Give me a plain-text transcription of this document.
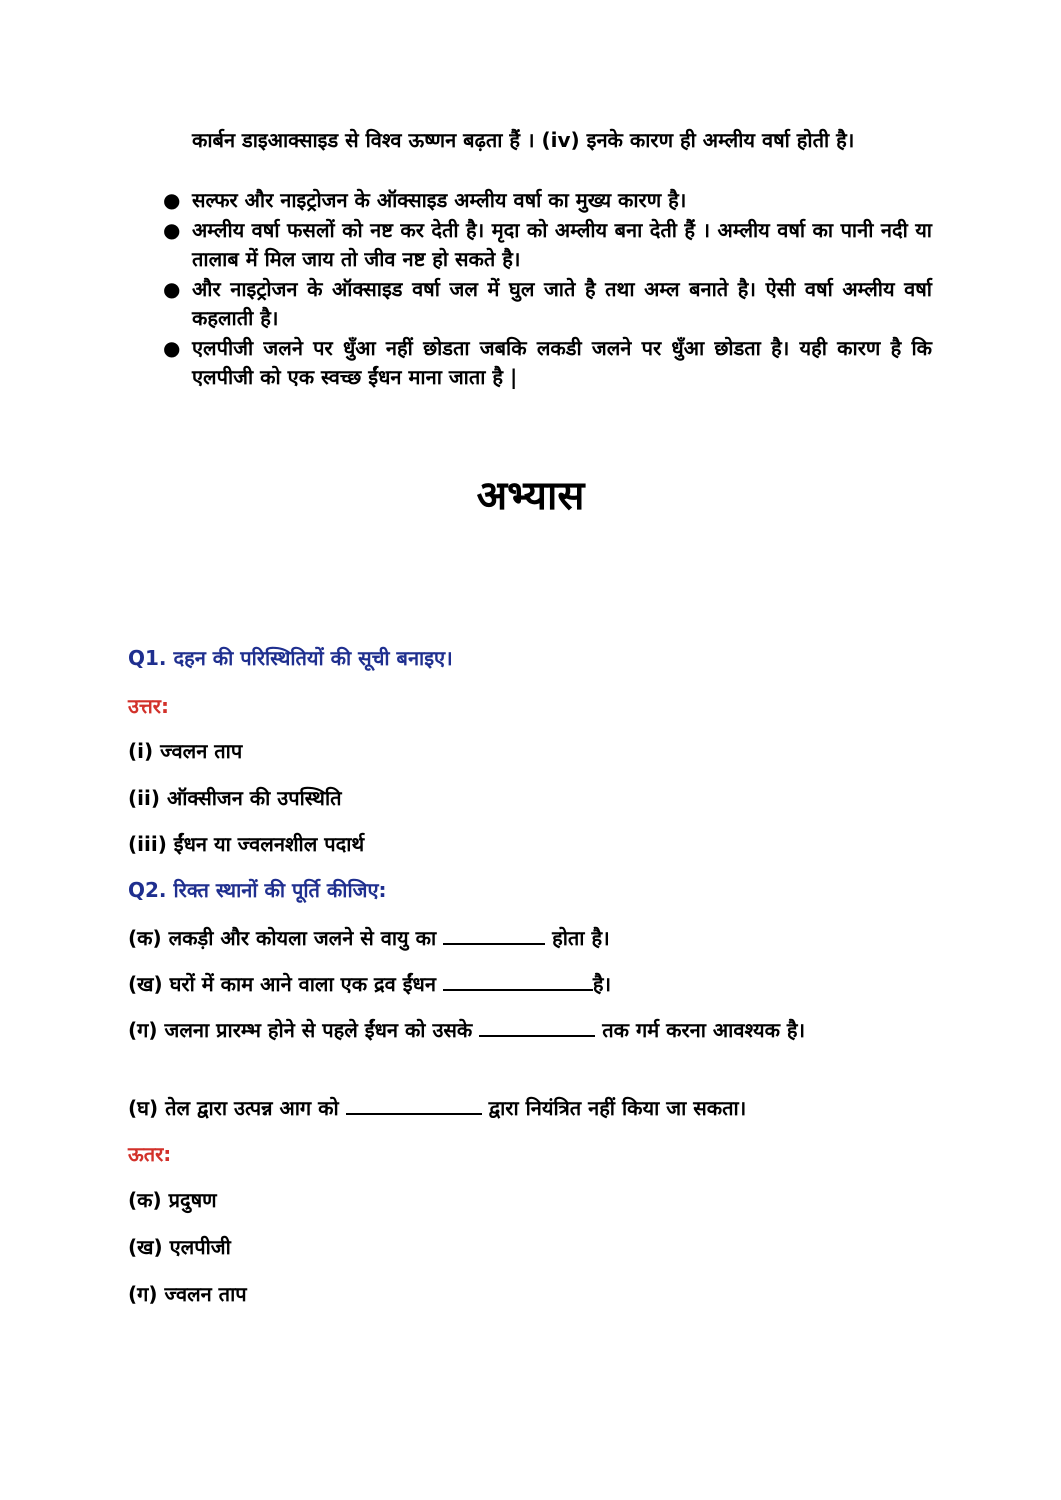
कार्बन डाइआक्साइड से विश्व ऊष्णन बढ़ता हैं । (iv) इनके कारण ही अम्लीय वर्षा होती है।

● सल्फर और नाइट्रोजन के ऑक्साइड अम्लीय वर्षा का मुख्य कारण है।
● अम्लीय वर्षा फसलों को नष्ट कर देती है। मृदा को अम्लीय बना देती हैं । अम्लीय वर्षा का पानी नदी या तालाब में मिल जाय तो जीव नष्ट हो सकते है।
● और नाइट्रोजन के ऑक्साइड वर्षा जल में घुल जाते है तथा अम्ल बनाते है। ऐसी वर्षा अम्लीय वर्षा कहलाती है।
● एलपीजी जलने पर धुँआ नहीं छोडता जबकि लकडी जलने पर धुँआ छोडता है। यही कारण है कि एलपीजी को एक स्वच्छ ईंधन माना जाता है |
अभ्यास
Q1. दहन की परिस्थितियों की सूची बनाइए।
उत्तर:
(i) ज्वलन ताप
(ii) ऑक्सीजन की उपस्थिति
(iii) ईंधन या ज्वलनशील पदार्थ
Q2. रिक्त स्थानों की पूर्ति कीजिए:
(क) लकड़ी और कोयला जलने से वायु का	होता है।
(ख) घरों में काम आने वाला एक द्रव ईंधन	है।
(ग) जलना प्रारम्भ होने से पहले ईंधन को उसके	तक गर्म करना आवश्यक है।
(घ) तेल द्वारा उत्पन्न आग को	द्वारा नियंत्रित नहीं किया जा सकता।
ऊतर:
(क) प्रदुषण
(ख) एलपीजी
(ग) ज्वलन ताप
